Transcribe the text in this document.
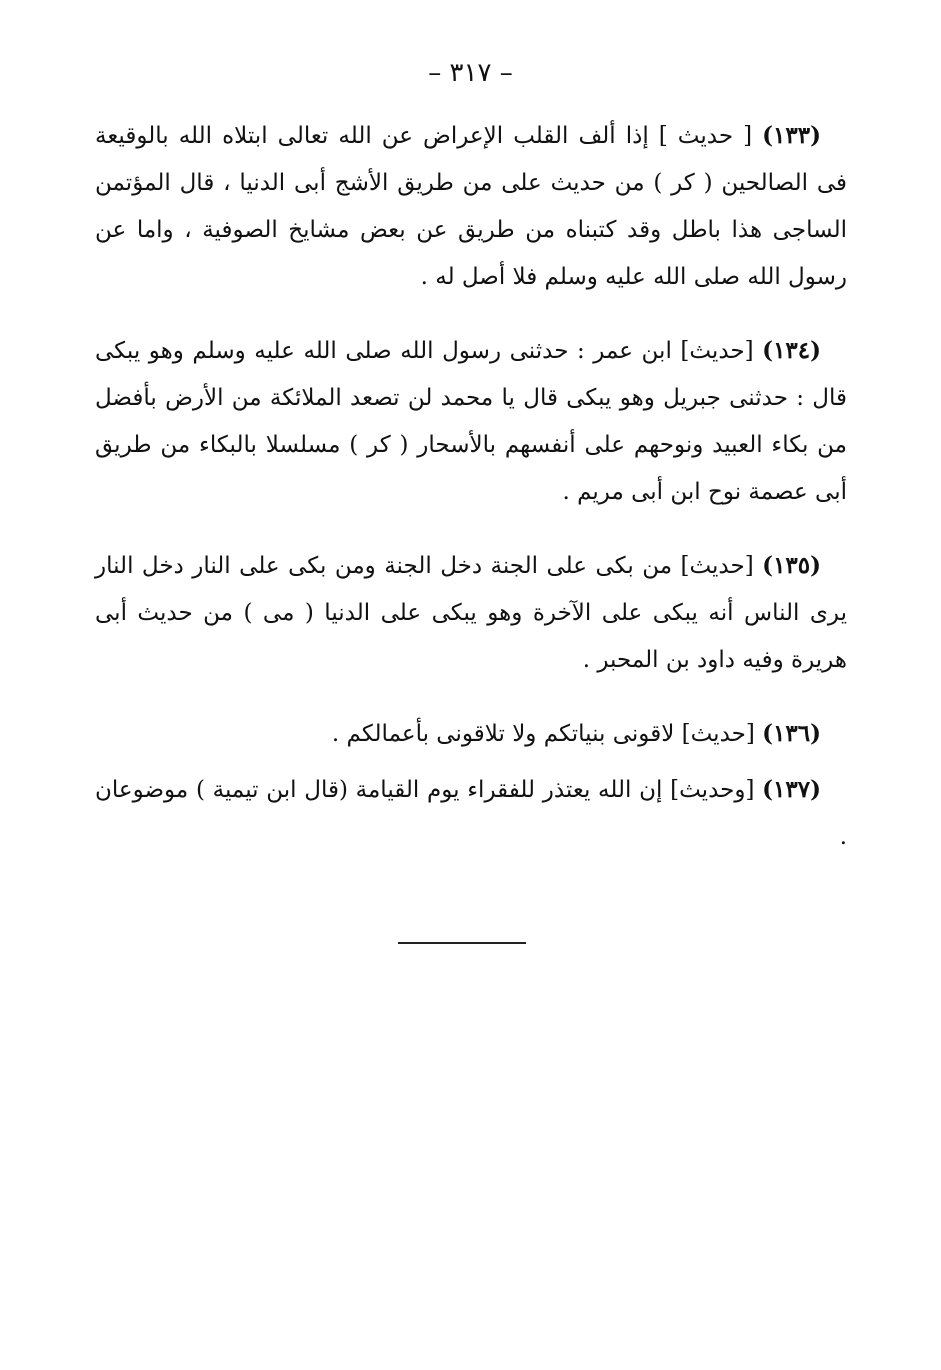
– ٣١٧ –

(١٣٣) [ حديث ] إذا ألف القلب الإعراض عن الله تعالى ابتلاه الله بالوقيعة فى الصالحين ( كر ) من حديث على من طريق الأشج أبى الدنيا ، قال المؤتمن الساجى هذا باطل وقد كتبناه من طريق عن بعض مشايخ الصوفية ، واما عن رسول الله صلى الله عليه وسلم فلا أصل له .

(١٣٤) [حديث] ابن عمر : حدثنى رسول الله صلى الله عليه وسلم وهو يبكى قال : حدثنى جبريل وهو يبكى قال يا محمد لن تصعد الملائكة من الأرض بأفضل من بكاء العبيد ونوحهم على أنفسهم بالأسحار ( كر ) مسلسلا بالبكاء من طريق أبى عصمة نوح ابن أبى مريم .

(١٣٥) [حديث] من بكى على الجنة دخل الجنة ومن بكى على النار دخل النار يرى الناس أنه يبكى على الآخرة وهو يبكى على الدنيا ( مى ) من حديث أبى هريرة وفيه داود بن المحبر .

(١٣٦) [حديث] لاقونى بنياتكم ولا تلاقونى بأعمالكم .

(١٣٧) [وحديث] إن الله يعتذر للفقراء يوم القيامة (قال ابن تيمية ) موضوعان .
